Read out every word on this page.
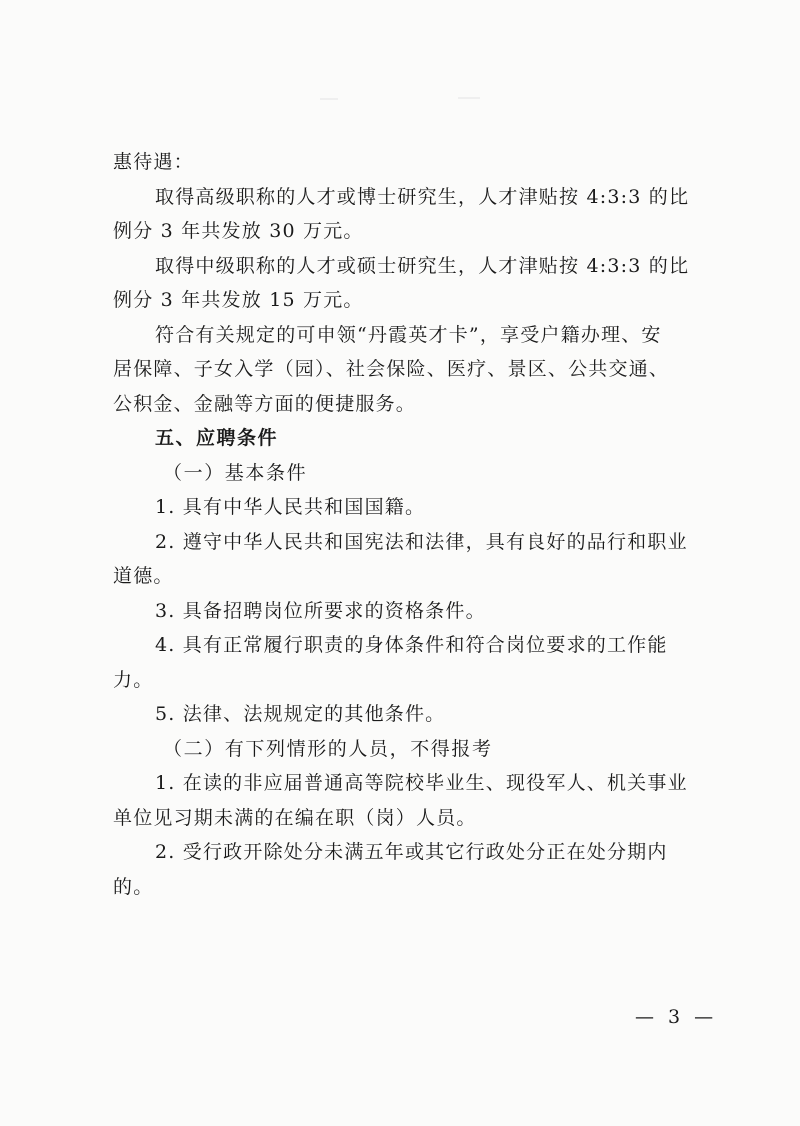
惠待遇：
取得高级职称的人才或博士研究生，人才津贴按 4:3:3 的比
例分 3 年共发放 30 万元。
取得中级职称的人才或硕士研究生，人才津贴按 4:3:3 的比
例分 3 年共发放 15 万元。
符合有关规定的可申领“丹霞英才卡”，享受户籍办理、安
居保障、子女入学（园）、社会保险、医疗、景区、公共交通、
公积金、金融等方面的便捷服务。
五、应聘条件
（一）基本条件
1. 具有中华人民共和国国籍。
2. 遵守中华人民共和国宪法和法律，具有良好的品行和职业
道德。
3. 具备招聘岗位所要求的资格条件。
4. 具有正常履行职责的身体条件和符合岗位要求的工作能
力。
5. 法律、法规规定的其他条件。
（二）有下列情形的人员，不得报考
1. 在读的非应届普通高等院校毕业生、现役军人、机关事业
单位见习期未满的在编在职（岗）人员。
2. 受行政开除处分未满五年或其它行政处分正在处分期内
的。
— 3 —
